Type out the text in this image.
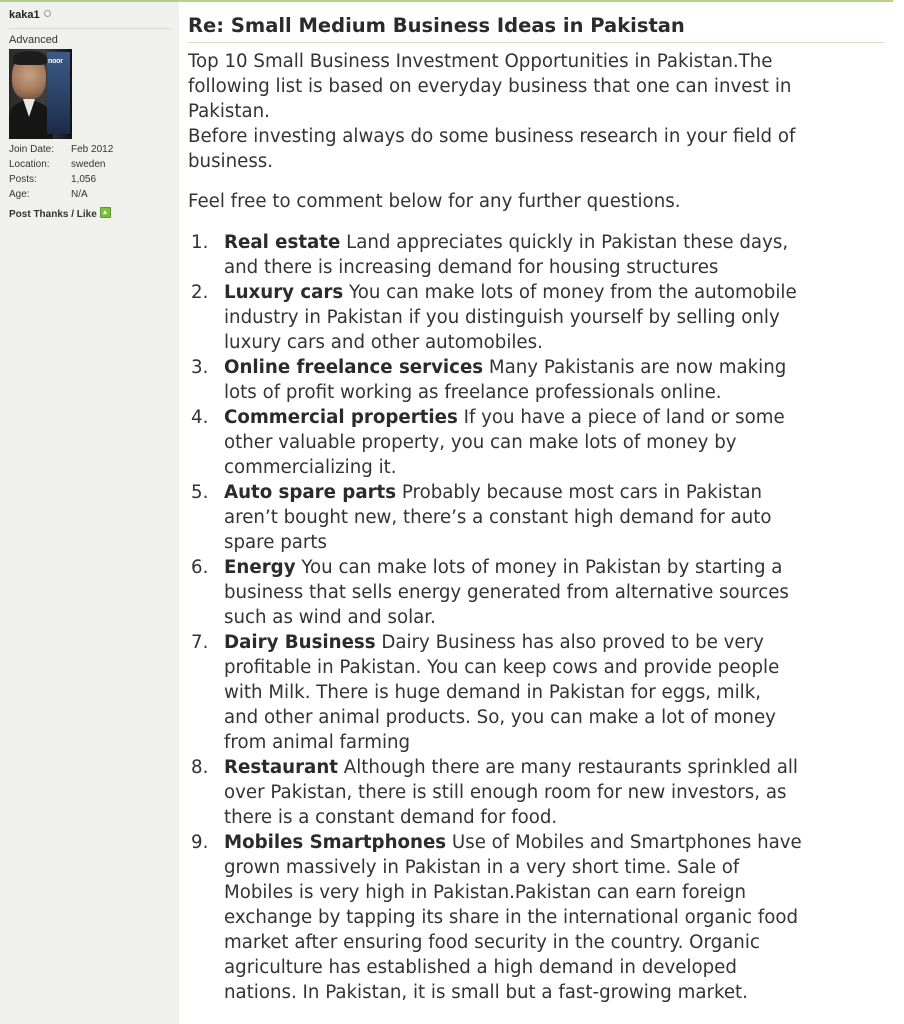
kaka1
Advanced
noor
Join Date: Feb 2012
Location: sweden
Posts:	1,056
Age:	N/A
Post Thanks / Like
Re: Small Medium Business Ideas in Pakistan

Top 10 Small Business Investment Opportunities in Pakistan.The

following list is based on everyday business that one can invest in

Pakistan.

Before investing always do some business research in your field of

business.

Feel free to comment below for any further questions.

1. Real estate Land appreciates quickly in Pakistan these days,
and there is increasing demand for housing structures
2. Luxury cars You can make lots of money from the automobile
industry in Pakistan if you distinguish yourself by selling only
luxury cars and other automobiles.
3. Online freelance services Many Pakistanis are now making
lots of profit working as freelance professionals online.
4. Commercial properties If you have a piece of land or some
other valuable property, you can make lots of money by
commercializing it.
5. Auto spare parts Probably because most cars in Pakistan
aren’t bought new, there’s a constant high demand for auto
spare parts
6. Energy You can make lots of money in Pakistan by starting a
business that sells energy generated from alternative sources
such as wind and solar.
7. Dairy Business Dairy Business has also proved to be very
profitable in Pakistan. You can keep cows and provide people
with Milk. There is huge demand in Pakistan for eggs, milk,
and other animal products. So, you can make a lot of money
from animal farming
8. Restaurant Although there are many restaurants sprinkled all
over Pakistan, there is still enough room for new investors, as
there is a constant demand for food.
9. Mobiles Smartphones Use of Mobiles and Smartphones have
grown massively in Pakistan in a very short time. Sale of
Mobiles is very high in Pakistan.Pakistan can earn foreign
exchange by tapping its share in the international organic food
market after ensuring food security in the country. Organic
agriculture has established a high demand in developed
nations. In Pakistan, it is small but a fast-growing market.
